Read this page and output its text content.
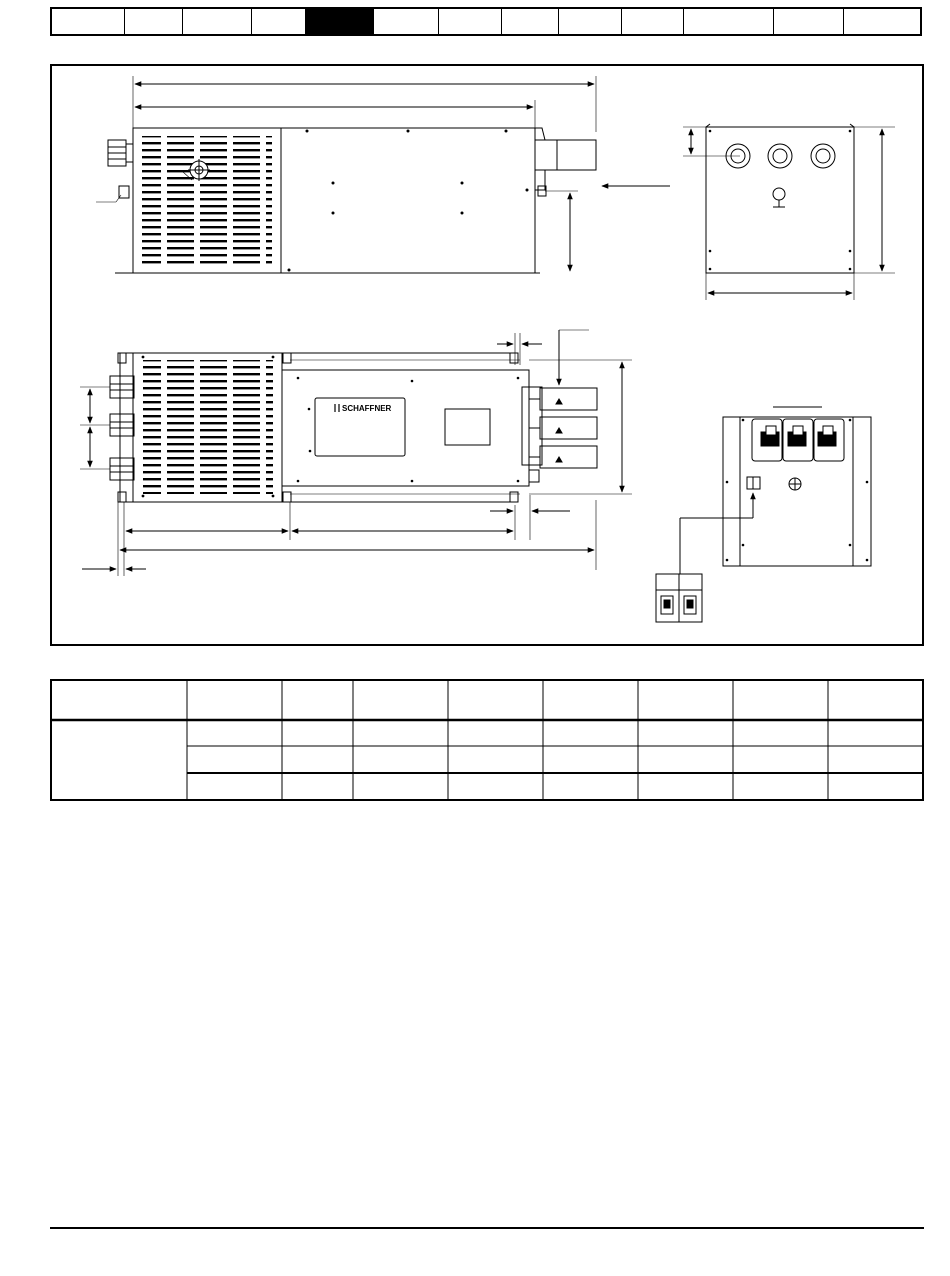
SCHAFFNER
